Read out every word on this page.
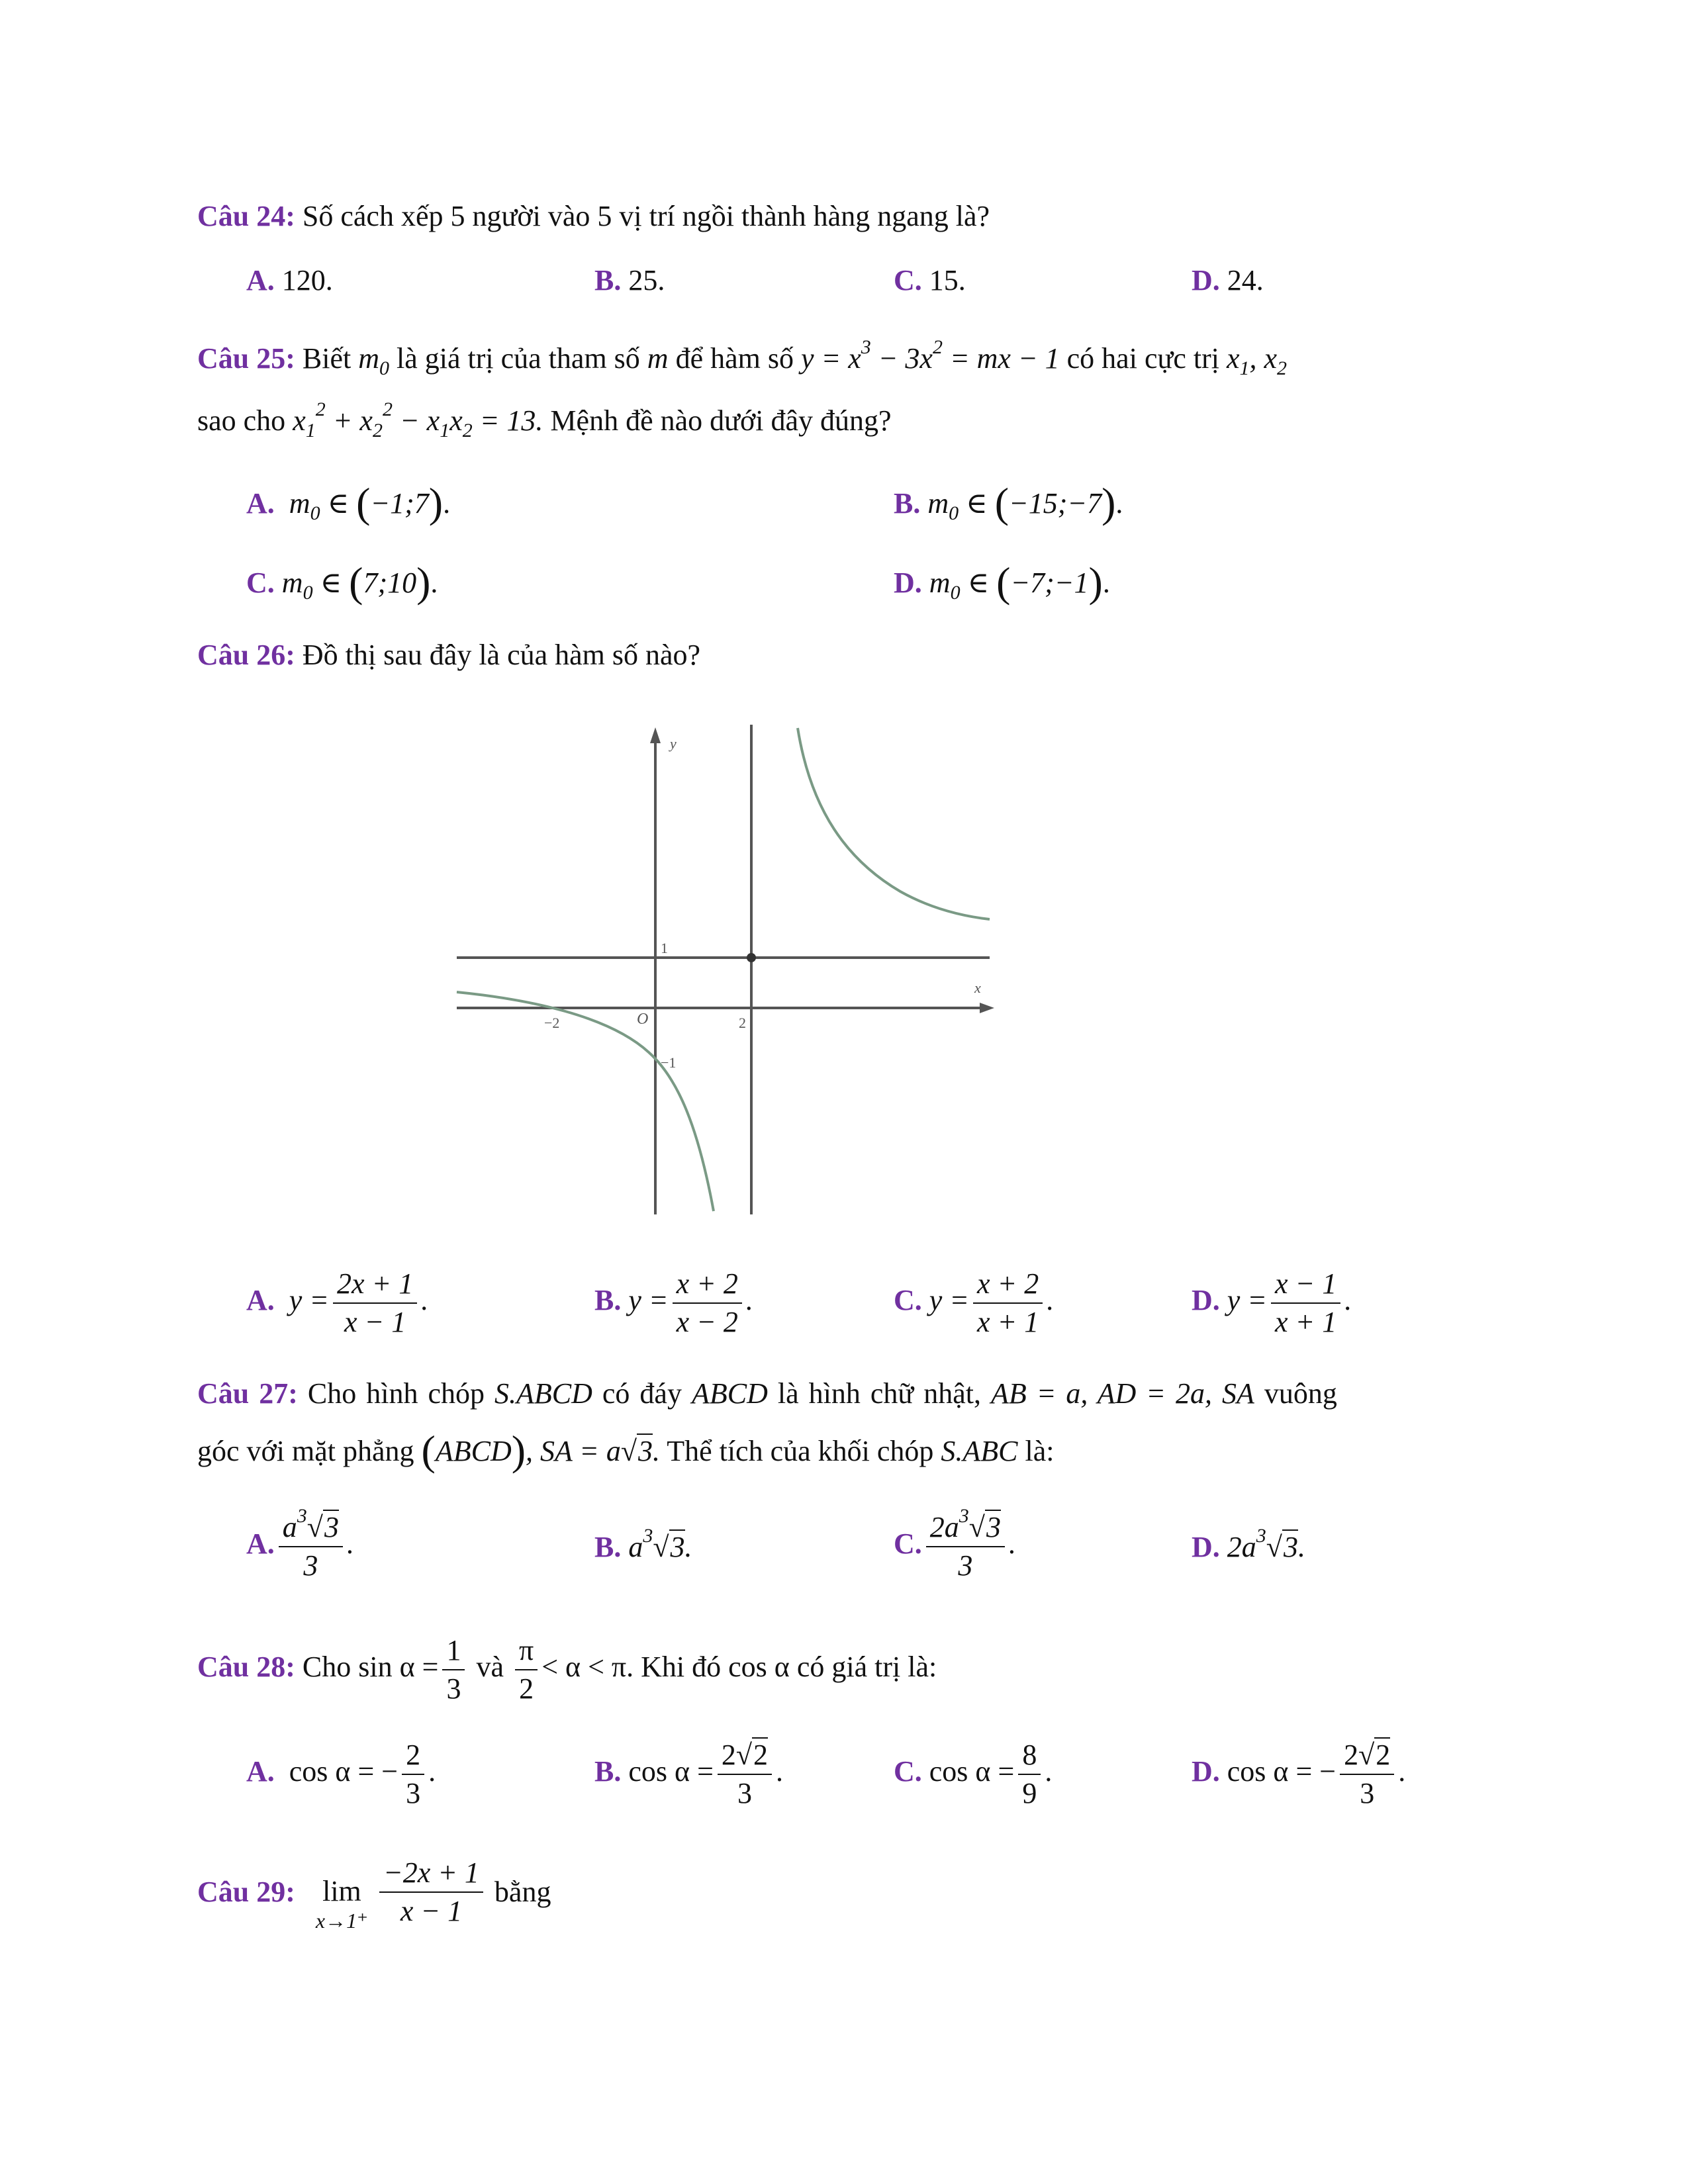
Câu 24: Số cách xếp 5 người vào 5 vị trí ngồi thành hàng ngang là?
A. 120.	B. 25.	C. 15.	D. 24.
Câu 25: Biết $m_0$ là giá trị của tham số m để hàm số $y = x^3 - 3x^2$ = mx − 1 có hai cực trị $x_1$, $x_2$
sao cho $x_1^2 + x_2^2 - x_1x_2 = 13$. Mệnh đề nào dưới đây đúng?
A. $m_0$ ∈ (−1;7).	B. $m_0$ ∈ (−15;−7).
C. $m_0$ ∈ (7;10).	D. $m_0$ ∈ (−7;−1).
Câu 26: Đồ thị sau đây là của hàm số nào?
y
x
O
1
−1
−2	2
A.  $y = \frac{2x + 1}{x - 1}$ .	B. $y = \frac{x + 2}{x - 2}$ .	C. $y = \frac{x + 2}{x + 1}$ .	D. $y = \frac{x - 1}{x + 1}$ .
Câu 27: Cho hình chóp S.ABCD có đáy ABCD là hình chữ nhật, AB = a, AD = 2a, SA vuông
góc với mặt phẳng (ABCD), SA = a√3. Thể tích của khối chóp S.ABC là:
A. $\frac{a^3√3}{3}$ .	B. $a^3√3$.	C. $\frac{2a^3√3}{3}$ .	D. $2a^3√3$.
Câu 28: Cho $\sin \alpha = \frac{1}{3}$ và $\frac{\pi}{2} < \alpha < \pi$. Khi đó cos α có giá trị là:
A.  cos α = − $\frac{2}{3}$ .	B. $\cos \alpha = \frac{2√2}{3}$ .	C. $\cos \alpha = \frac{8}{9}$ .	D. cos α = − $\frac{2√2}{3}$ .
Câu 29: lim
x→1⁺
$\frac{-2x + 1}{x - 1}$ bằng
